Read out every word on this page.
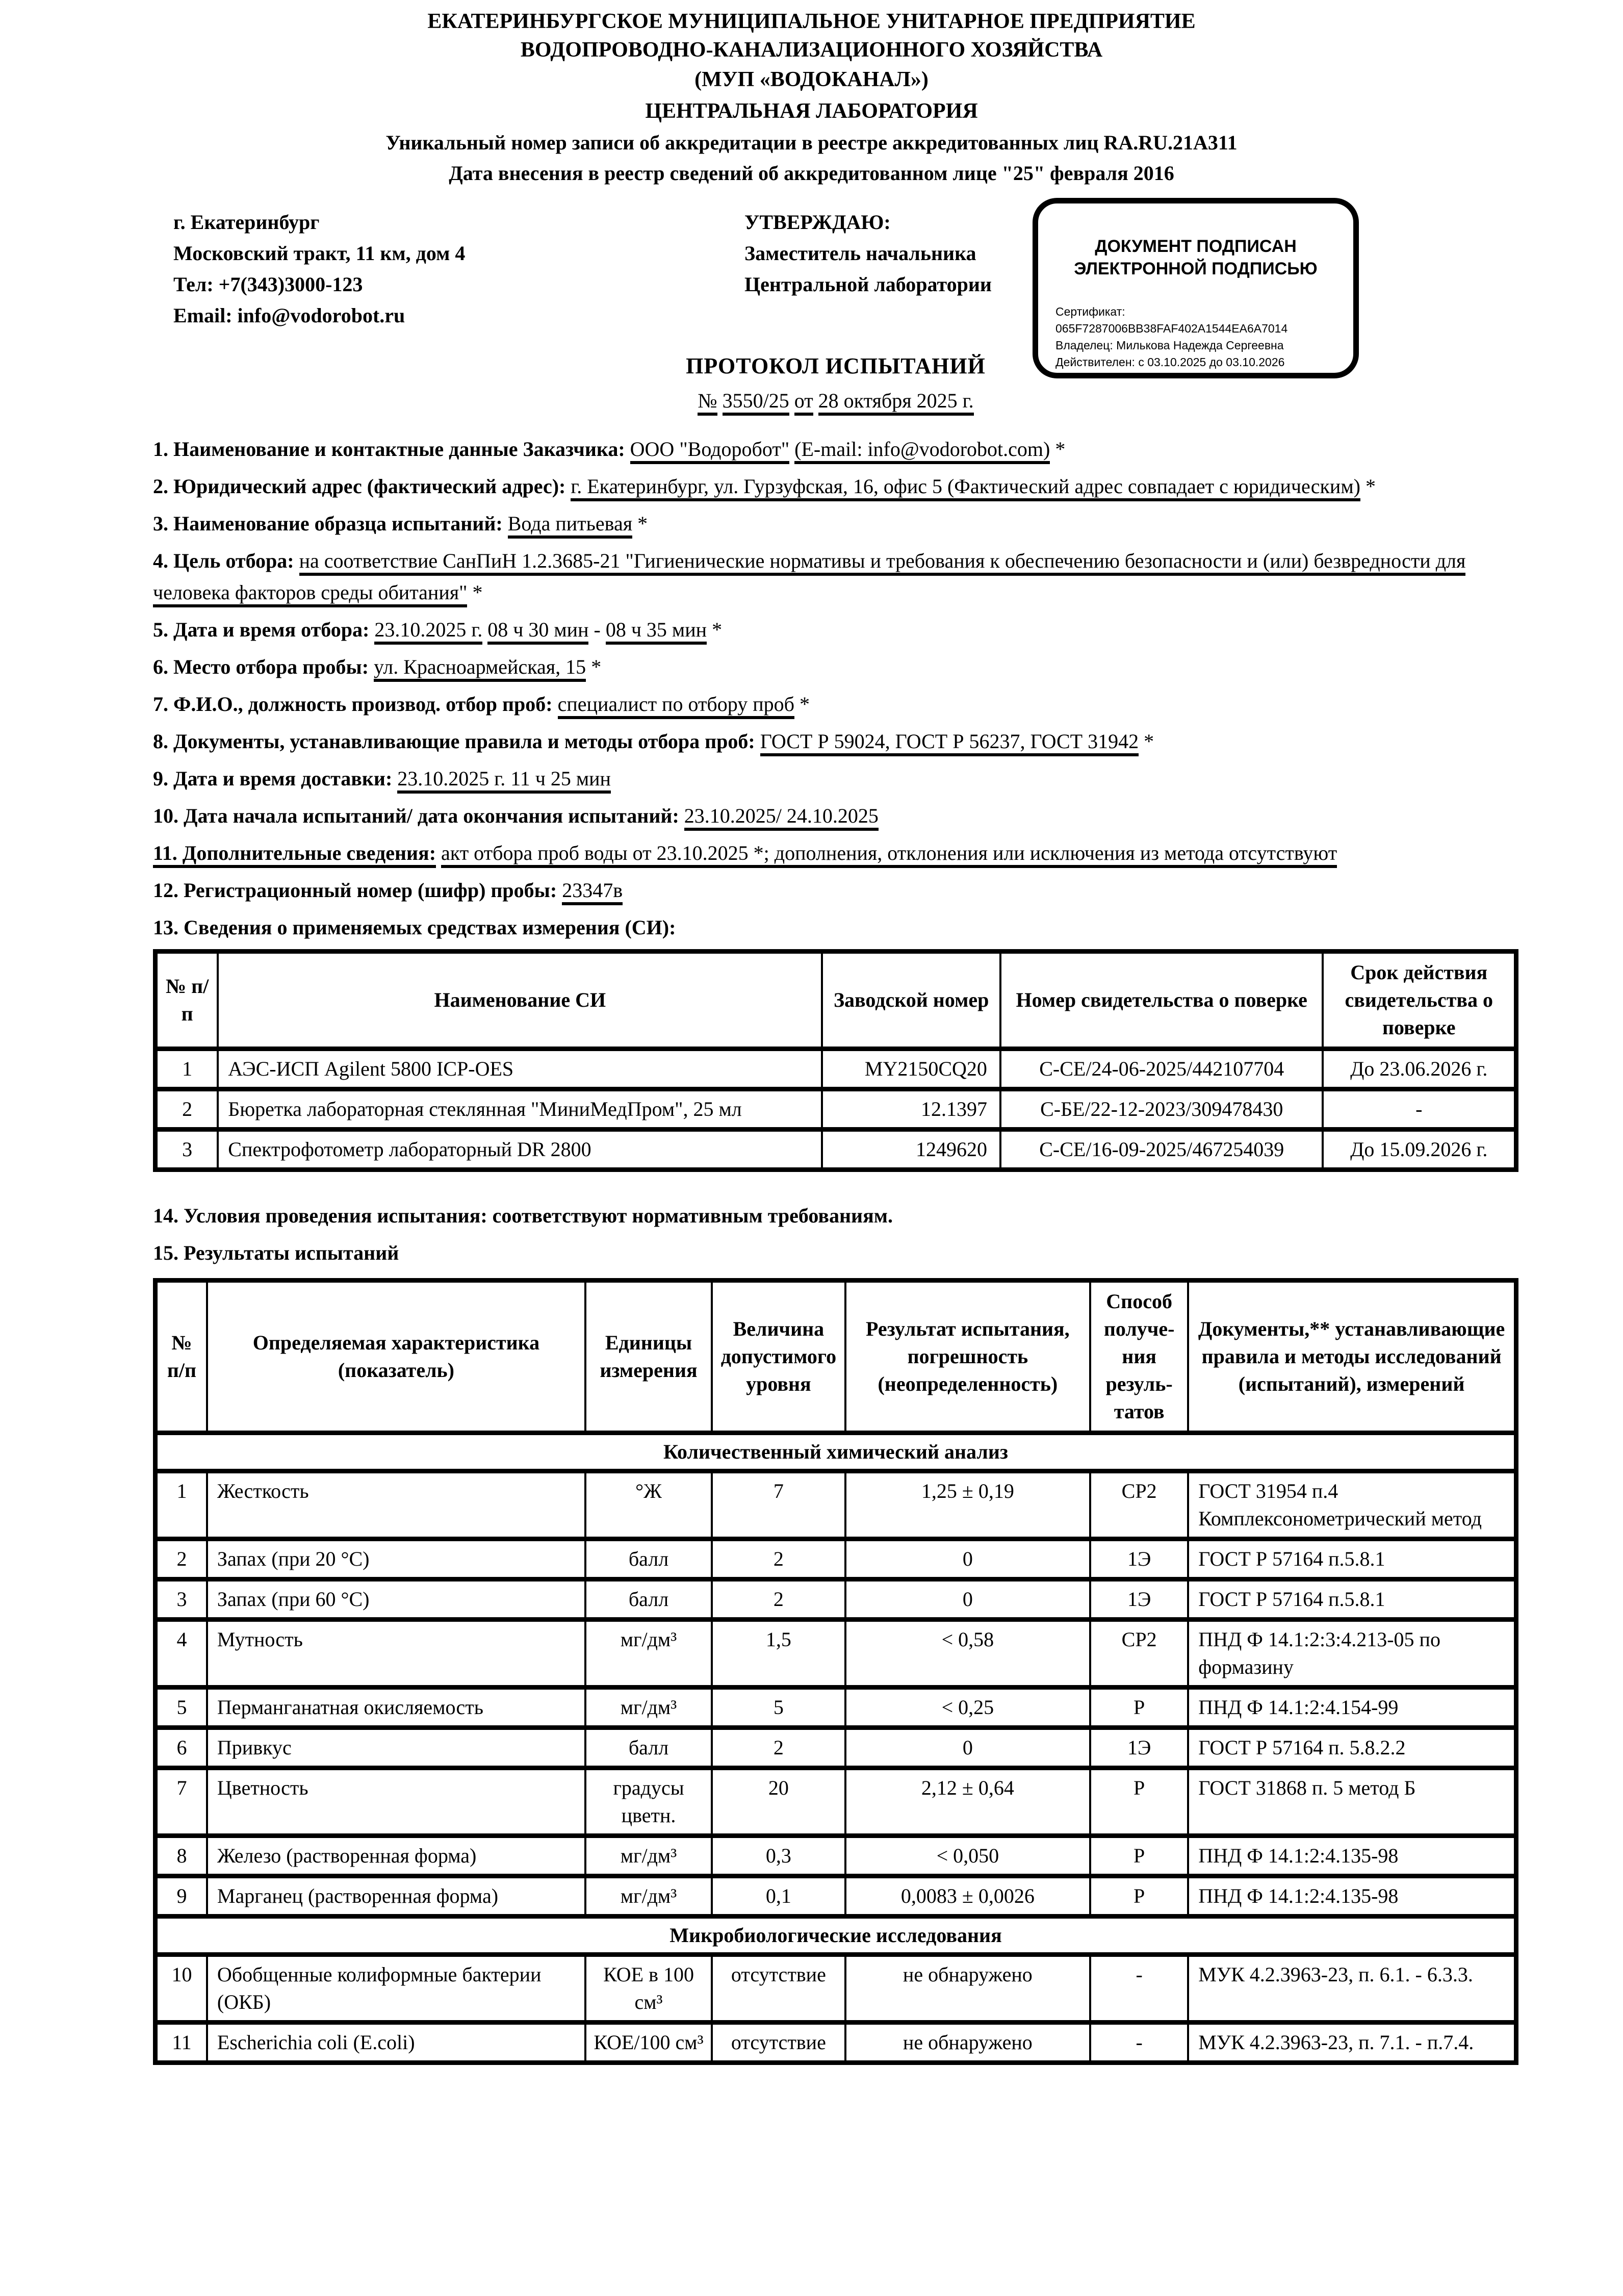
ЕКАТЕРИНБУРГСКОЕ МУНИЦИПАЛЬНОЕ УНИТАРНОЕ ПРЕДПРИЯТИЕ
ВОДОПРОВОДНО-КАНАЛИЗАЦИОННОГО ХОЗЯЙСТВА
(МУП «ВОДОКАНАЛ»)
ЦЕНТРАЛЬНАЯ ЛАБОРАТОРИЯ
Уникальный номер записи об аккредитации в реестре аккредитованных лиц RA.RU.21А311
Дата внесения в реестр сведений об аккредитованном лице "25" февраля 2016
г. Екатеринбург
Московский тракт, 11 км, дом 4
Тел: +7(343)3000-123
Email: info@vodorobot.ru
УТВЕРЖДАЮ:
Заместитель начальника
Центральной лаборатории
ДОКУМЕНТ ПОДПИСАН
ЭЛЕКТРОННОЙ ПОДПИСЬЮ
Сертификат: 065F7287006BB38FAF402A1544EA6A7014
Владелец: Милькова Надежда Сергеевна
Действителен: с 03.10.2025 до 03.10.2026
ПРОТОКОЛ ИСПЫТАНИЙ
№ 3550/25 от 28 октября 2025 г.
1. Наименование и контактные данные Заказчика: ООО "Водоробот" (E-mail: info@vodorobot.com) *
2. Юридический адрес (фактический адрес): г. Екатеринбург, ул. Гурзуфская, 16, офис 5 (Фактический адрес совпадает с юридическим) *
3. Наименование образца испытаний: Вода питьевая *
4. Цель отбора: на соответствие СанПиН 1.2.3685-21 "Гигиенические нормативы и требования к обеспечению безопасности и (или) безвредности для человека факторов среды обитания" *
5. Дата и время отбора: 23.10.2025 г. 08 ч 30 мин - 08 ч 35 мин *
6. Место отбора пробы: ул. Красноармейская, 15 *
7. Ф.И.О., должность производ. отбор проб: специалист по отбору проб *
8. Документы, устанавливающие правила и методы отбора проб: ГОСТ Р 59024, ГОСТ Р 56237, ГОСТ 31942 *
9. Дата и время доставки: 23.10.2025 г. 11 ч 25 мин
10. Дата начала испытаний/ дата окончания испытаний: 23.10.2025/ 24.10.2025
11. Дополнительные сведения: акт отбора проб воды от 23.10.2025 *; дополнения, отклонения или исключения из метода отсутствуют
12. Регистрационный номер (шифр) пробы: 23347в
13. Сведения о применяемых средствах измерения (СИ):
№ п/п	Наименование СИ	Заводской номер	Номер свидетельства о поверке	Срок действия свидетельства о поверке
1	АЭС-ИСП Agilent 5800 ICP-OES	MY2150CQ20	С-СЕ/24-06-2025/442107704	До 23.06.2026 г.
2	Бюретка лабораторная стеклянная "МиниМедПром", 25 мл	12.1397	С-БЕ/22-12-2023/309478430	-
3	Спектрофотометр лабораторный DR 2800	1249620	С-СЕ/16-09-2025/467254039	До 15.09.2026 г.
14. Условия проведения испытания: соответствуют нормативным требованиям.
15. Результаты испытаний
№ п/п	Определяемая характеристика (показатель)	Единицы измерения	Величина допустимого уровня	Результат испытания, погрешность (неопределенность)	Способ получения результатов	Документы,** устанавливающие правила и методы исследований (испытаний), измерений
Количественный химический анализ						
1	Жесткость	°Ж	7	1,25 ± 0,19	СР2	ГОСТ 31954 п.4 Комплексонометрический метод
2	Запах (при 20 °С)	балл	2	0	1Э	ГОСТ Р 57164 п.5.8.1
3	Запах (при 60 °С)	балл	2	0	1Э	ГОСТ Р 57164 п.5.8.1
4	Мутность	мг/дм³	1,5	< 0,58	СР2	ПНД Ф 14.1:2:3:4.213-05 по формазину
5	Перманганатная окисляемость	мг/дм³	5	< 0,25	Р	ПНД Ф 14.1:2:4.154-99
6	Привкус	балл	2	0	1Э	ГОСТ Р 57164 п. 5.8.2.2
7	Цветность	градусы цветн.	20	2,12 ± 0,64	Р	ГОСТ 31868 п. 5 метод Б
8	Железо (растворенная форма)	мг/дм³	0,3	< 0,050	Р	ПНД Ф 14.1:2:4.135-98
9	Марганец (растворенная форма)	мг/дм³	0,1	0,0083 ± 0,0026	Р	ПНД Ф 14.1:2:4.135-98
Микробиологические исследования						
10	Обобщенные колиформные бактерии (ОКБ)	КОЕ в 100 см³	отсутствие	не обнаружено	-	МУК 4.2.3963-23, п. 6.1. - 6.3.3.
11	Escherichia coli (E.coli)	КОЕ/100 см³	отсутствие	не обнаружено	-	МУК 4.2.3963-23, п. 7.1. - п.7.4.
